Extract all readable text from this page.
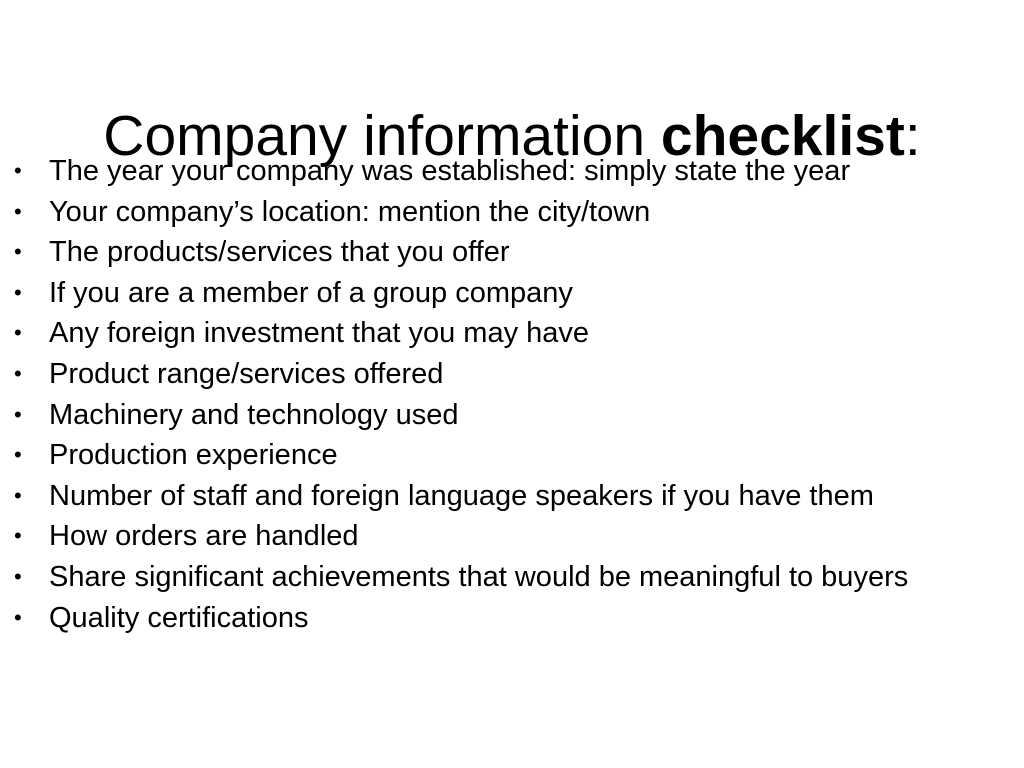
Company information checklist:
• The year your company was established: simply state the year
• Your company’s location: mention the city/town
• The products/services that you offer
• If you are a member of a group company
• Any foreign investment that you may have
• Product range/services offered
• Machinery and technology used
• Production experience
• Number of staff and foreign language speakers if you have them
• How orders are handled
• Share significant achievements that would be meaningful to buyers
• Quality certifications
